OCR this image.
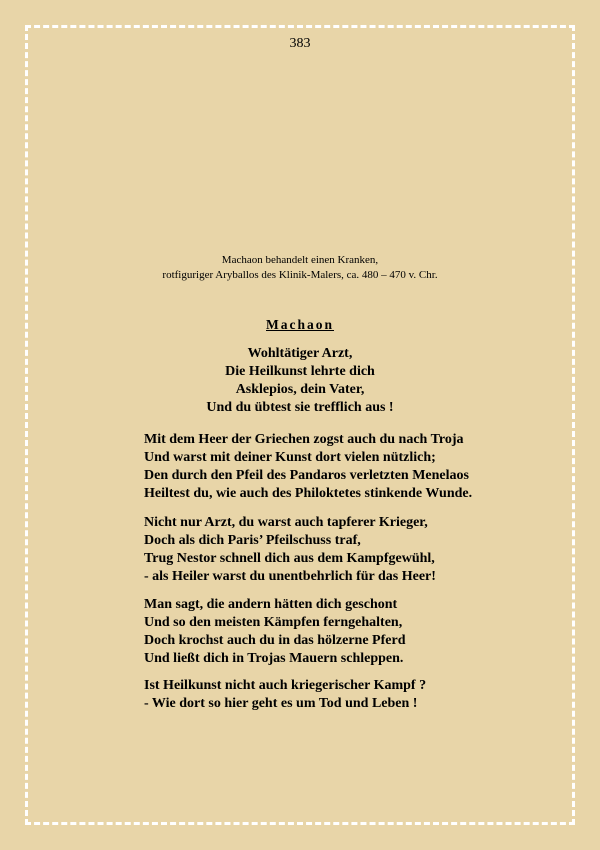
383
Machaon behandelt einen Kranken,
rotfiguriger Aryballos des Klinik-Malers, ca. 480 – 470 v. Chr.
Machaon
Wohltätiger Arzt,
Die Heilkunst lehrte dich
Asklepios, dein Vater,
Und du übtest sie trefflich aus !
Mit dem Heer der Griechen zogst auch du nach Troja
Und warst mit deiner Kunst dort vielen nützlich;
Den durch den Pfeil des Pandaros verletzten Menelaos
Heiltest du, wie auch des Philoktetes stinkende Wunde.
Nicht nur Arzt, du warst auch tapferer Krieger,
Doch als dich Paris’ Pfeilschuss traf,
Trug Nestor schnell dich aus dem Kampfgewühl,
- als Heiler warst du unentbehrlich für das Heer!
Man sagt, die andern hätten dich geschont
Und so den meisten Kämpfen ferngehalten,
Doch krochst auch du in das hölzerne Pferd
Und ließt dich in Trojas Mauern schleppen.
Ist Heilkunst nicht auch kriegerischer Kampf ?
- Wie dort so hier geht es um Tod und Leben !
